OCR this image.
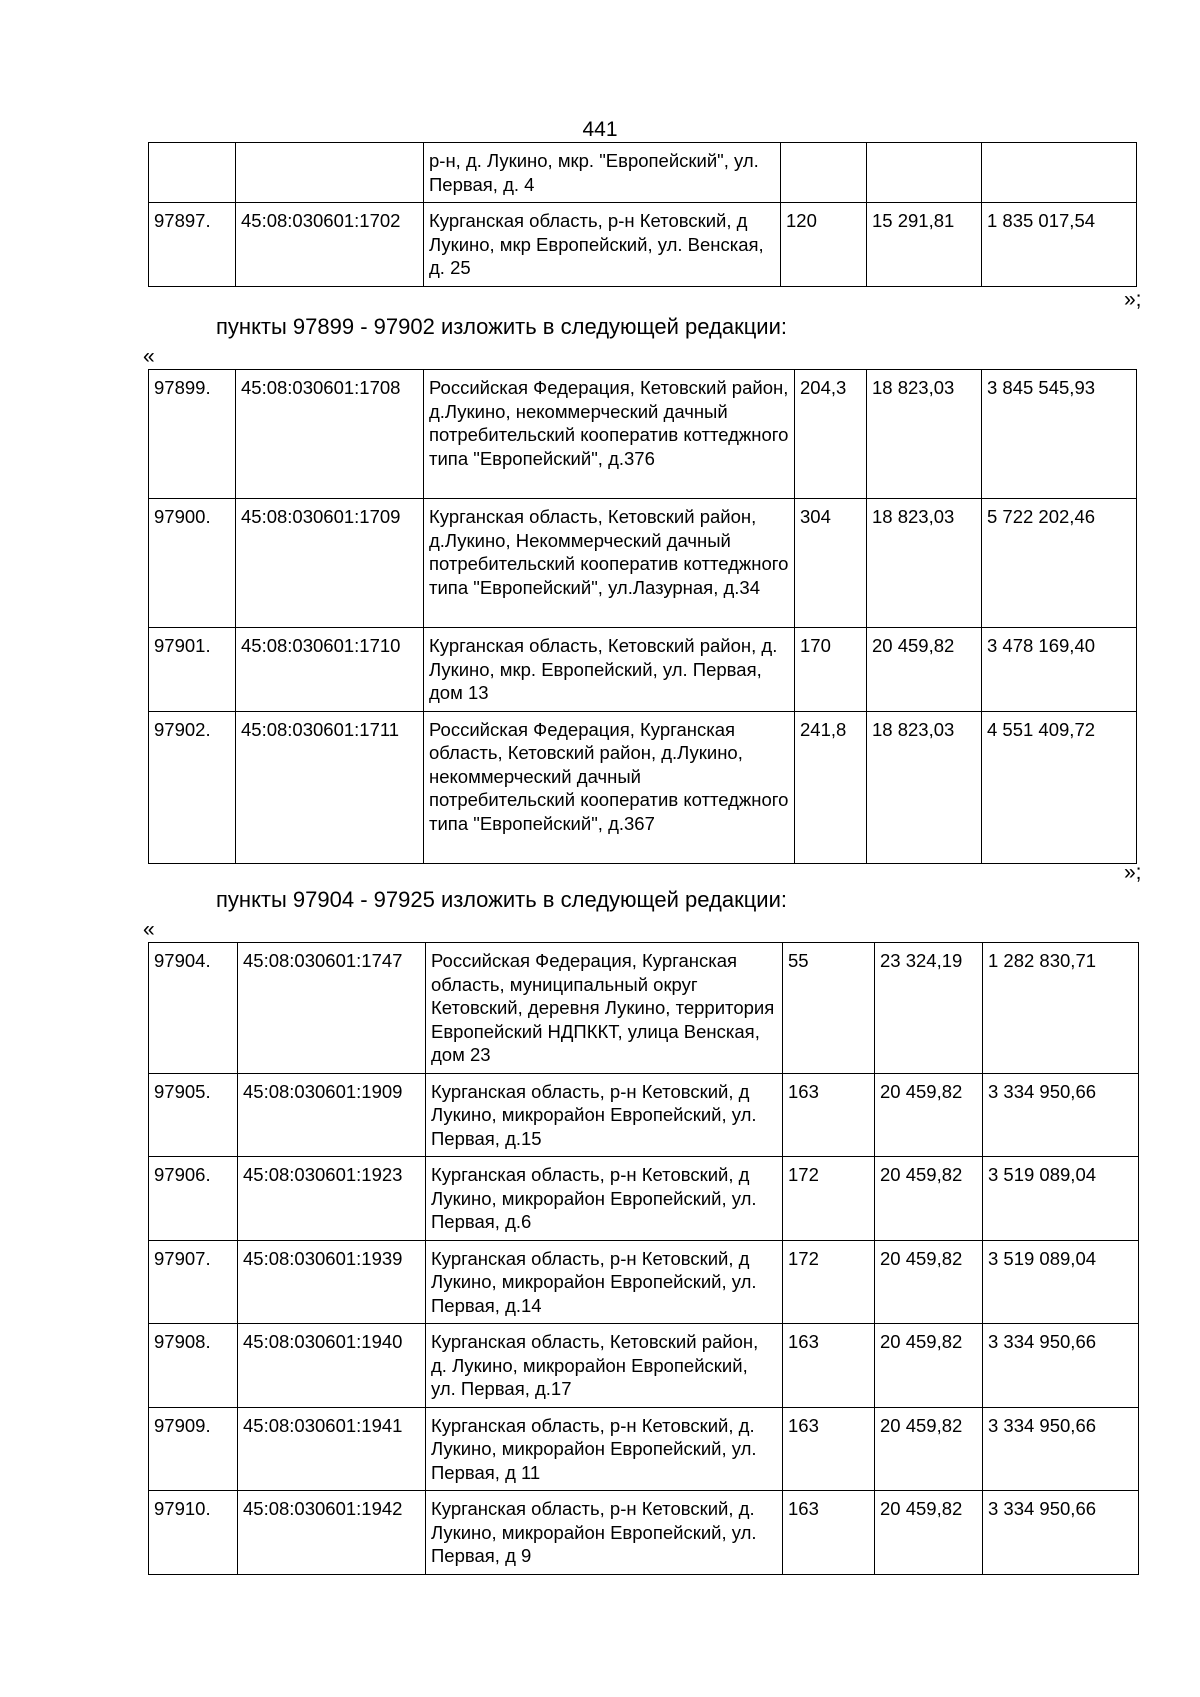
441
		р-н, д. Лукино, мкр. "Европейский", ул. Первая, д. 4			
97897.	45:08:030601:1702	Курганская область, р-н Кетовский, д Лукино, мкр Европейский, ул. Венская, д. 25	120	15 291,81	1 835 017,54
»;
пункты 97899 - 97902 изложить в следующей редакции:
«
97899.	45:08:030601:1708	Российская Федерация, Кетовский район, д.Лукино, некоммерческий дачный потребительский кооператив коттеджного типа "Европейский", д.376	204,3	18 823,03	3 845 545,93
97900.	45:08:030601:1709	Курганская область, Кетовский район, д.Лукино, Некоммерческий дачный потребительский кооператив коттеджного типа "Европейский", ул.Лазурная, д.34	304	18 823,03	5 722 202,46
97901.	45:08:030601:1710	Курганская область, Кетовский район, д. Лукино, мкр. Европейский, ул. Первая, дом 13	170	20 459,82	3 478 169,40
97902.	45:08:030601:1711	Российская Федерация, Курганская область, Кетовский район, д.Лукино, некоммерческий дачный потребительский кооператив коттеджного типа "Европейский", д.367	241,8	18 823,03	4 551 409,72
»;
пункты 97904 - 97925 изложить в следующей редакции:
«
97904.	45:08:030601:1747	Российская Федерация, Курганская область, муниципальный округ Кетовский, деревня Лукино, территория Европейский НДПККТ, улица Венская, дом 23	55	23 324,19	1 282 830,71
97905.	45:08:030601:1909	Курганская область, р-н Кетовский, д Лукино, микрорайон Европейский, ул. Первая, д.15	163	20 459,82	3 334 950,66
97906.	45:08:030601:1923	Курганская область, р-н Кетовский, д Лукино, микрорайон Европейский, ул. Первая, д.6	172	20 459,82	3 519 089,04
97907.	45:08:030601:1939	Курганская область, р-н Кетовский, д Лукино, микрорайон Европейский, ул. Первая, д.14	172	20 459,82	3 519 089,04
97908.	45:08:030601:1940	Курганская область, Кетовский район, д. Лукино, микрорайон Европейский, ул. Первая, д.17	163	20 459,82	3 334 950,66
97909.	45:08:030601:1941	Курганская область, р-н Кетовский, д. Лукино, микрорайон Европейский, ул. Первая, д 11	163	20 459,82	3 334 950,66
97910.	45:08:030601:1942	Курганская область, р-н Кетовский, д. Лукино, микрорайон Европейский, ул. Первая, д 9	163	20 459,82	3 334 950,66
